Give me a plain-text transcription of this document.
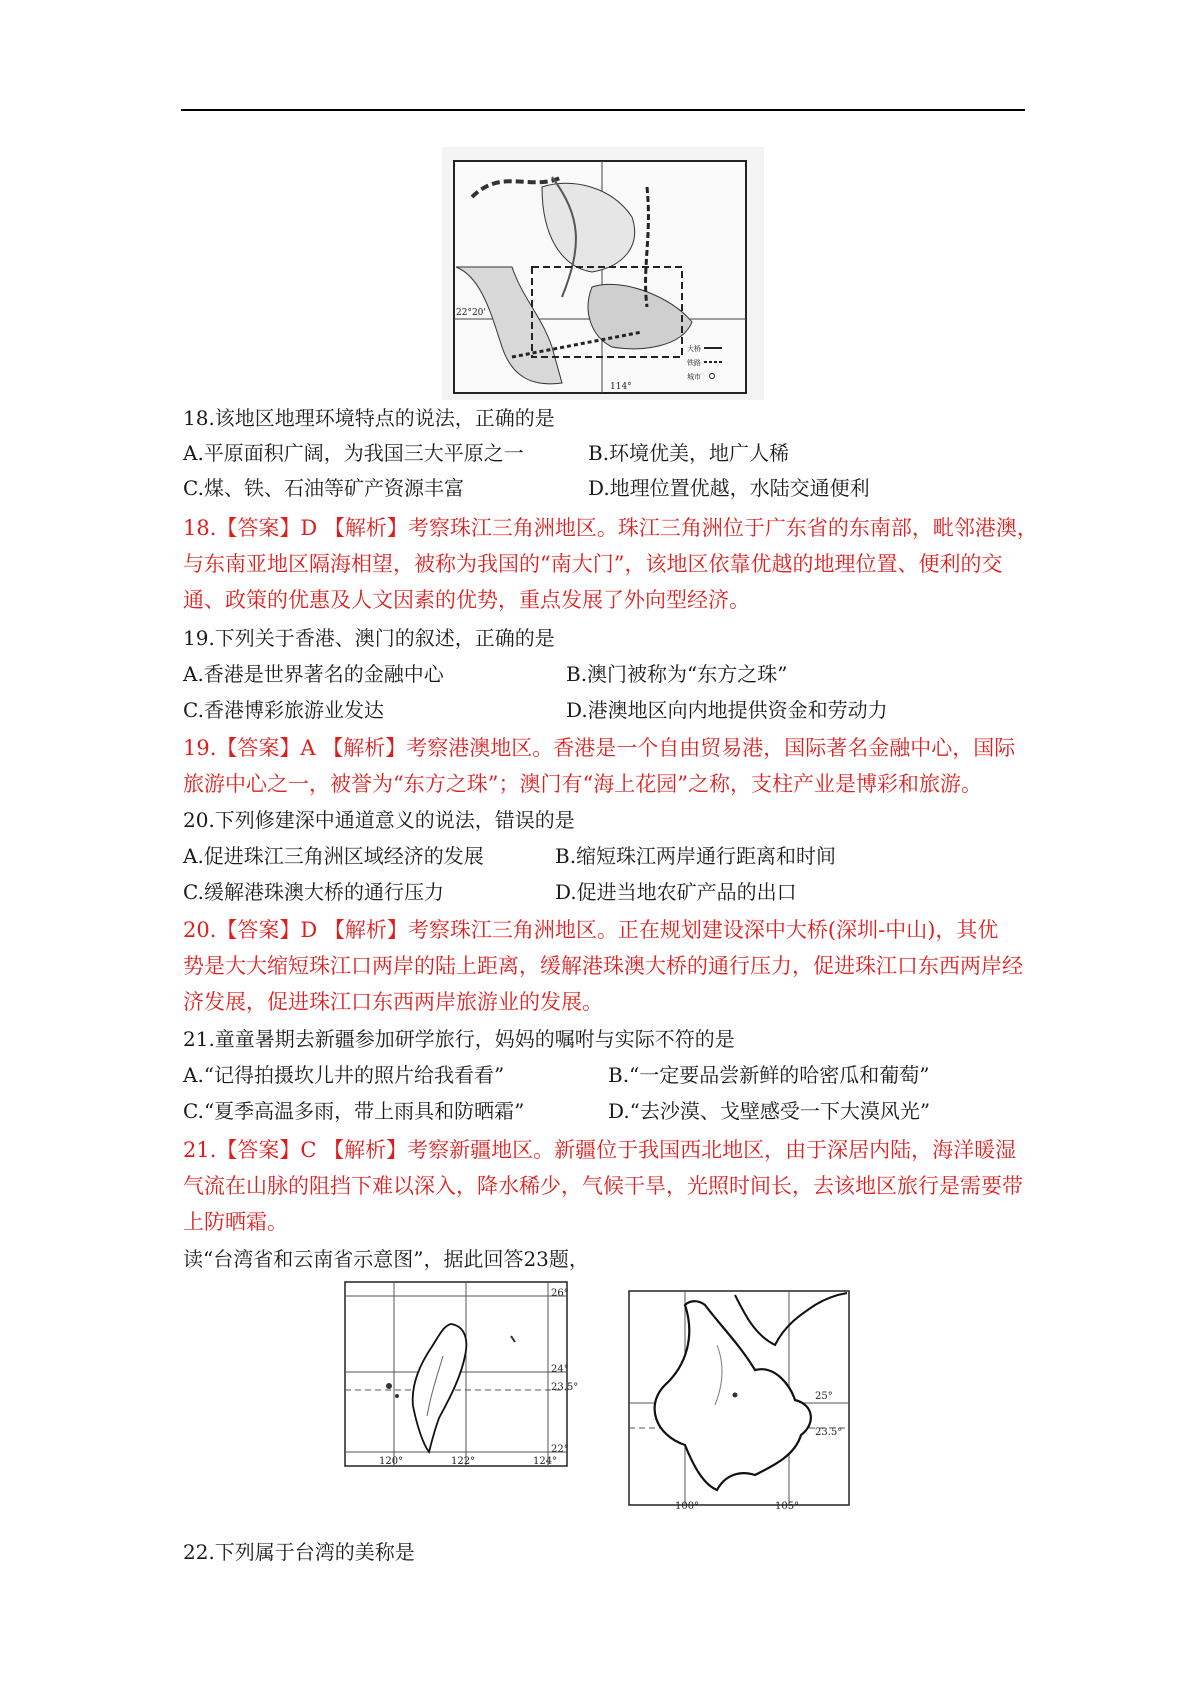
22°20'
114°
大桥
铁路
城市
18.该地区地理环境特点的说法，正确的是
A.平原面积广阔，为我国三大平原之一	B.环境优美，地广人稀
C.煤、铁、石油等矿产资源丰富	D.地理位置优越，水陆交通便利
18.【答案】D 【解析】考察珠江三角洲地区。珠江三角洲位于广东省的东南部，毗邻港澳，
与东南亚地区隔海相望，被称为我国的“南大门”，该地区依靠优越的地理位置、便利的交
通、政策的优惠及人文因素的优势，重点发展了外向型经济。
19.下列关于香港、澳门的叙述，正确的是
A.香港是世界著名的金融中心	B.澳门被称为“东方之珠”
C.香港博彩旅游业发达	D.港澳地区向内地提供资金和劳动力
19.【答案】A 【解析】考察港澳地区。香港是一个自由贸易港，国际著名金融中心，国际
旅游中心之一，被誉为“东方之珠”；澳门有“海上花园”之称，支柱产业是博彩和旅游。
20.下列修建深中通道意义的说法，错误的是
A.促进珠江三角洲区域经济的发展	B.缩短珠江两岸通行距离和时间
C.缓解港珠澳大桥的通行压力	D.促进当地农矿产品的出口
20.【答案】D 【解析】考察珠江三角洲地区。正在规划建设深中大桥(深圳-中山)，其优
势是大大缩短珠江口两岸的陆上距离，缓解港珠澳大桥的通行压力，促进珠江口东西两岸经
济发展，促进珠江口东西两岸旅游业的发展。
21.童童暑期去新疆参加研学旅行，妈妈的嘱咐与实际不符的是
A.“记得拍摄坎儿井的照片给我看看”	B.“一定要品尝新鲜的哈密瓜和葡萄”
C.“夏季高温多雨，带上雨具和防晒霜”	D.“去沙漠、戈壁感受一下大漠风光”
21.【答案】C 【解析】考察新疆地区。新疆位于我国西北地区，由于深居内陆，海洋暖湿
气流在山脉的阻挡下难以深入，降水稀少，气候干旱，光照时间长，去该地区旅行是需要带
上防晒霜。
读“台湾省和云南省示意图”，据此回答23题，
26°
24°
23.5°
22°
120°	122°	124°
25°
23.5°
100°	105°
22.下列属于台湾的美称是
